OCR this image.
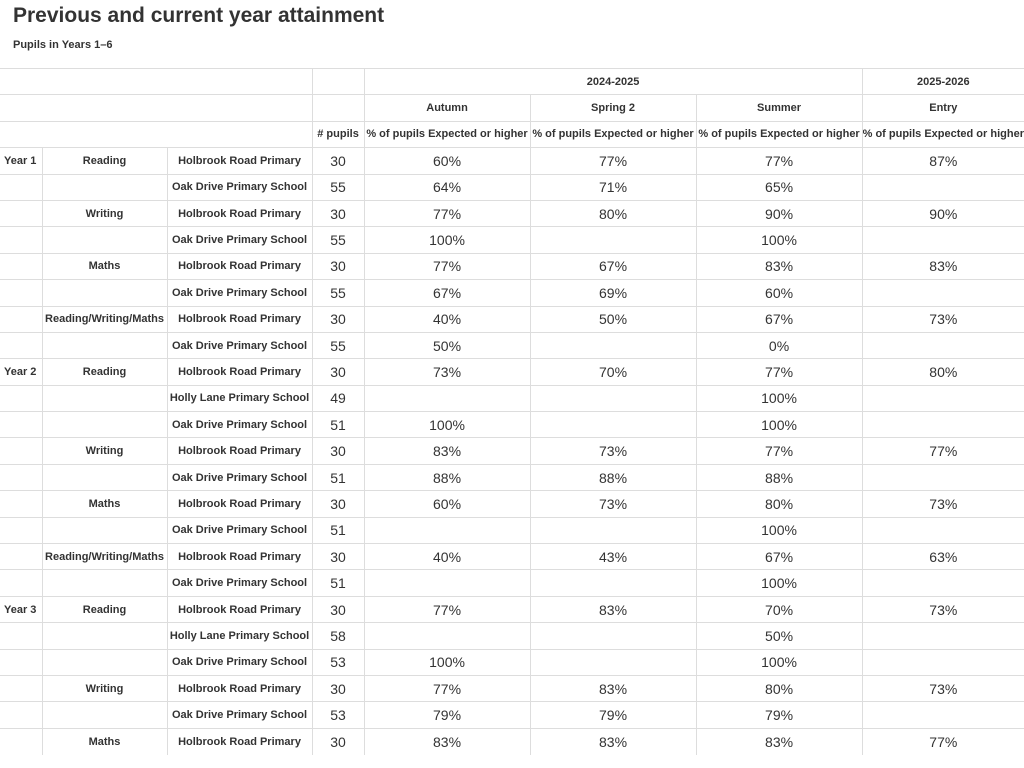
Previous and current year attainment
Pupils in Years 1–6
				2024-2025			2025-2026
				Autumn	Spring 2	Summer	Entry
			# pupils	% of pupils Expected or higher	% of pupils Expected or higher	% of pupils Expected or higher	% of pupils Expected or higher
Year 1	Reading	Holbrook Road Primary	30	60%	77%	77%	87%
		Oak Drive Primary School	55	64%	71%	65%	
	Writing	Holbrook Road Primary	30	77%	80%	90%	90%
		Oak Drive Primary School	55	100%		100%	
	Maths	Holbrook Road Primary	30	77%	67%	83%	83%
		Oak Drive Primary School	55	67%	69%	60%	
	Reading/Writing/Maths	Holbrook Road Primary	30	40%	50%	67%	73%
		Oak Drive Primary School	55	50%		0%	
Year 2	Reading	Holbrook Road Primary	30	73%	70%	77%	80%
		Holly Lane Primary School	49			100%	
		Oak Drive Primary School	51	100%		100%	
	Writing	Holbrook Road Primary	30	83%	73%	77%	77%
		Oak Drive Primary School	51	88%	88%	88%	
	Maths	Holbrook Road Primary	30	60%	73%	80%	73%
		Oak Drive Primary School	51			100%	
	Reading/Writing/Maths	Holbrook Road Primary	30	40%	43%	67%	63%
		Oak Drive Primary School	51			100%	
Year 3	Reading	Holbrook Road Primary	30	77%	83%	70%	73%
		Holly Lane Primary School	58			50%	
		Oak Drive Primary School	53	100%		100%	
	Writing	Holbrook Road Primary	30	77%	83%	80%	73%
		Oak Drive Primary School	53	79%	79%	79%	
	Maths	Holbrook Road Primary	30	83%	83%	83%	77%
